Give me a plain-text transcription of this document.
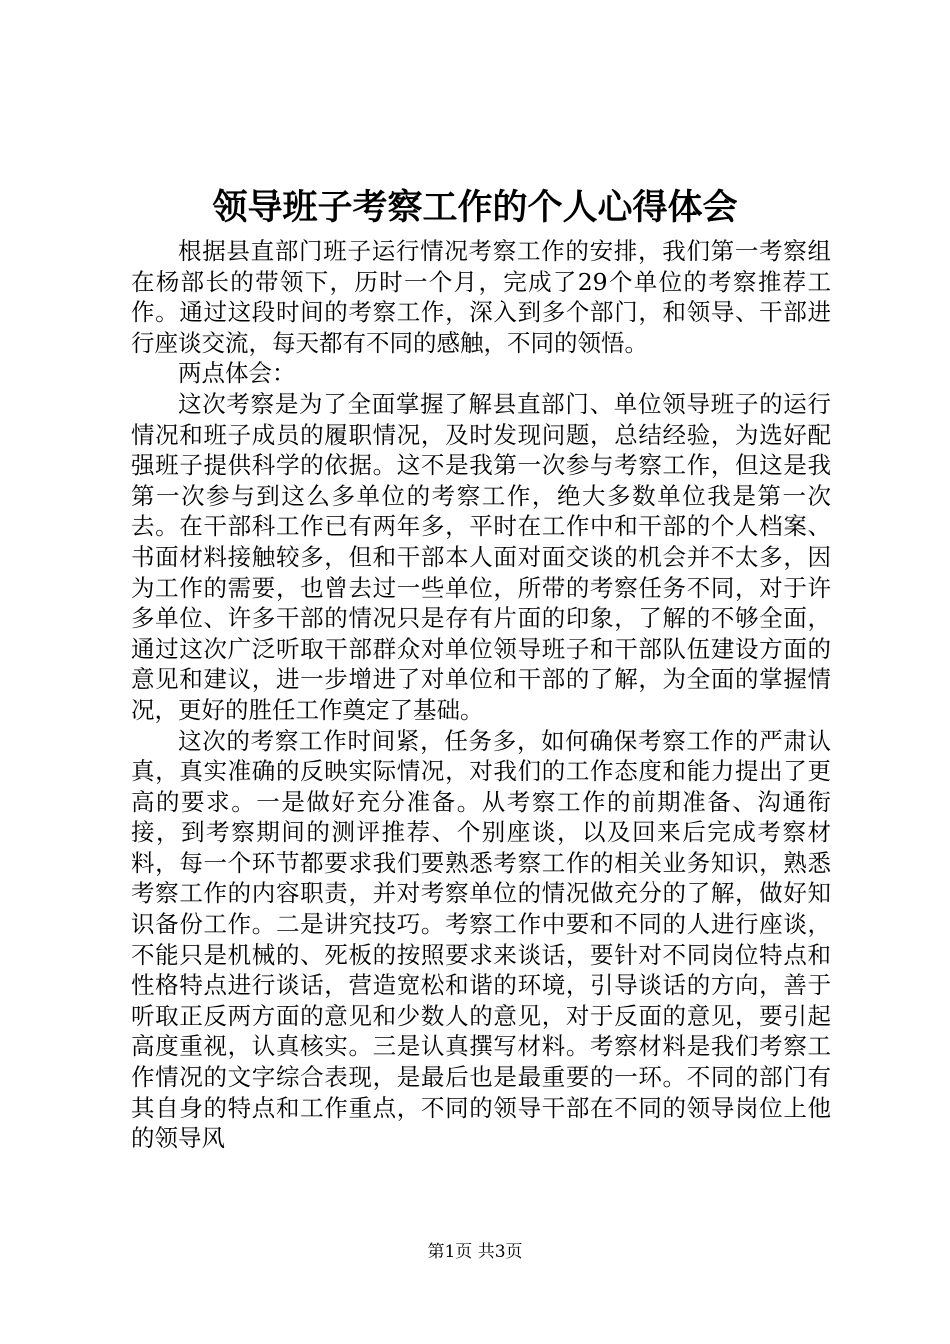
领导班子考察工作的个人心得体会

根据县直部门班子运行情况考察工作的安排，我们第一考察组在杨部长的带领下，历时一个月，完成了29个单位的考察推荐工作。通过这段时间的考察工作，深入到多个部门，和领导、干部进行座谈交流，每天都有不同的感触，不同的领悟。

两点体会：

这次考察是为了全面掌握了解县直部门、单位领导班子的运行情况和班子成员的履职情况，及时发现问题，总结经验，为选好配强班子提供科学的依据。这不是我第一次参与考察工作，但这是我第一次参与到这么多单位的考察工作，绝大多数单位我是第一次去。在干部科工作已有两年多，平时在工作中和干部的个人档案、书面材料接触较多，但和干部本人面对面交谈的机会并不太多，因为工作的需要，也曾去过一些单位，所带的考察任务不同，对于许多单位、许多干部的情况只是存有片面的印象，了解的不够全面，通过这次广泛听取干部群众对单位领导班子和干部队伍建设方面的意见和建议，进一步增进了对单位和干部的了解，为全面的掌握情况，更好的胜任工作奠定了基础。

这次的考察工作时间紧，任务多，如何确保考察工作的严肃认真，真实准确的反映实际情况，对我们的工作态度和能力提出了更高的要求。一是做好充分准备。从考察工作的前期准备、沟通衔接，到考察期间的测评推荐、个别座谈，以及回来后完成考察材料，每一个环节都要求我们要熟悉考察工作的相关业务知识，熟悉考察工作的内容职责，并对考察单位的情况做充分的了解，做好知识备份工作。二是讲究技巧。考察工作中要和不同的人进行座谈，不能只是机械的、死板的按照要求来谈话，要针对不同岗位特点和性格特点进行谈话，营造宽松和谐的环境，引导谈话的方向，善于听取正反两方面的意见和少数人的意见，对于反面的意见，要引起高度重视，认真核实。三是认真撰写材料。考察材料是我们考察工作情况的文字综合表现，是最后也是最重要的一环。不同的部门有其自身的特点和工作重点，不同的领导干部在不同的领导岗位上他的领导风

第1页 共3页
